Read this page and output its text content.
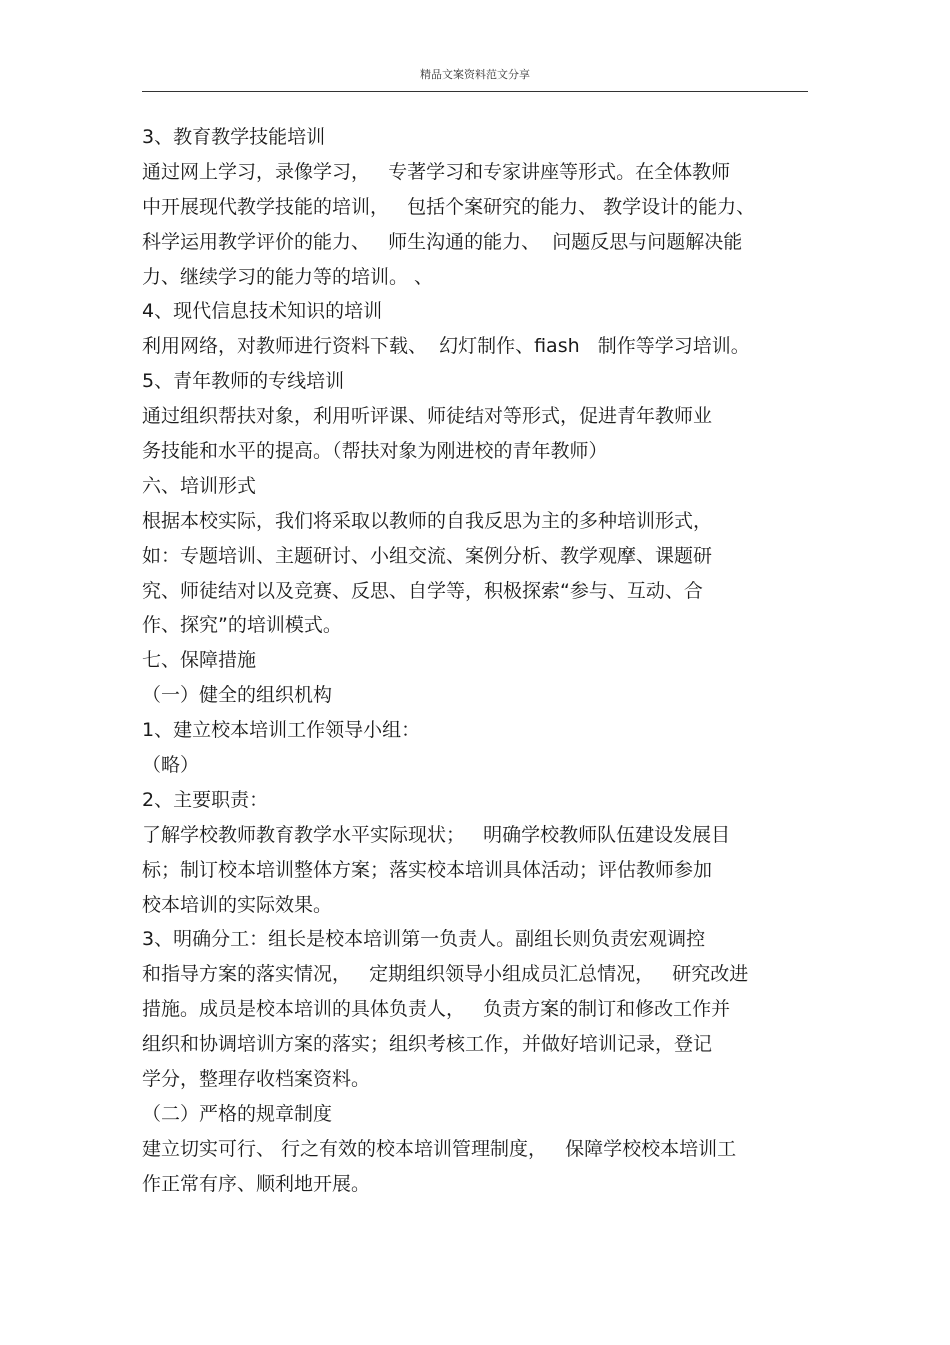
精品文案资料范文分享
3、教育教学技能培训
通过网上学习，录像学习，   专著学习和专家讲座等形式。在全体教师
中开展现代教学技能的培训，   包括个案研究的能力、 教学设计的能力、
科学运用教学评价的能力、   师生沟通的能力、  问题反思与问题解决能
力、继续学习的能力等的培训。 、
4、现代信息技术知识的培训
利用网络，对教师进行资料下载、  幻灯制作、fiash   制作等学习培训。
5、青年教师的专线培训
通过组织帮扶对象，利用听评课、师徒结对等形式，促进青年教师业
务技能和水平的提高。（帮扶对象为刚进校的青年教师）
六、培训形式
根据本校实际，我们将采取以教师的自我反思为主的多种培训形式，
如：专题培训、主题研讨、小组交流、案例分析、教学观摩、课题研
究、师徒结对以及竞赛、反思、自学等，积极探索“参与、互动、合
作、探究”的培训模式。
七、保障措施
（一）健全的组织机构
1、建立校本培训工作领导小组：
（略）
2、主要职责：
了解学校教师教育教学水平实际现状；   明确学校教师队伍建设发展目
标；制订校本培训整体方案；落实校本培训具体活动；评估教师参加
校本培训的实际效果。
3、明确分工：组长是校本培训第一负责人。副组长则负责宏观调控
和指导方案的落实情况，   定期组织领导小组成员汇总情况，   研究改进
措施。成员是校本培训的具体负责人，   负责方案的制订和修改工作并
组织和协调培训方案的落实；组织考核工作，并做好培训记录，登记
学分，整理存收档案资料。
（二）严格的规章制度
建立切实可行、 行之有效的校本培训管理制度，   保障学校校本培训工
作正常有序、顺利地开展。
